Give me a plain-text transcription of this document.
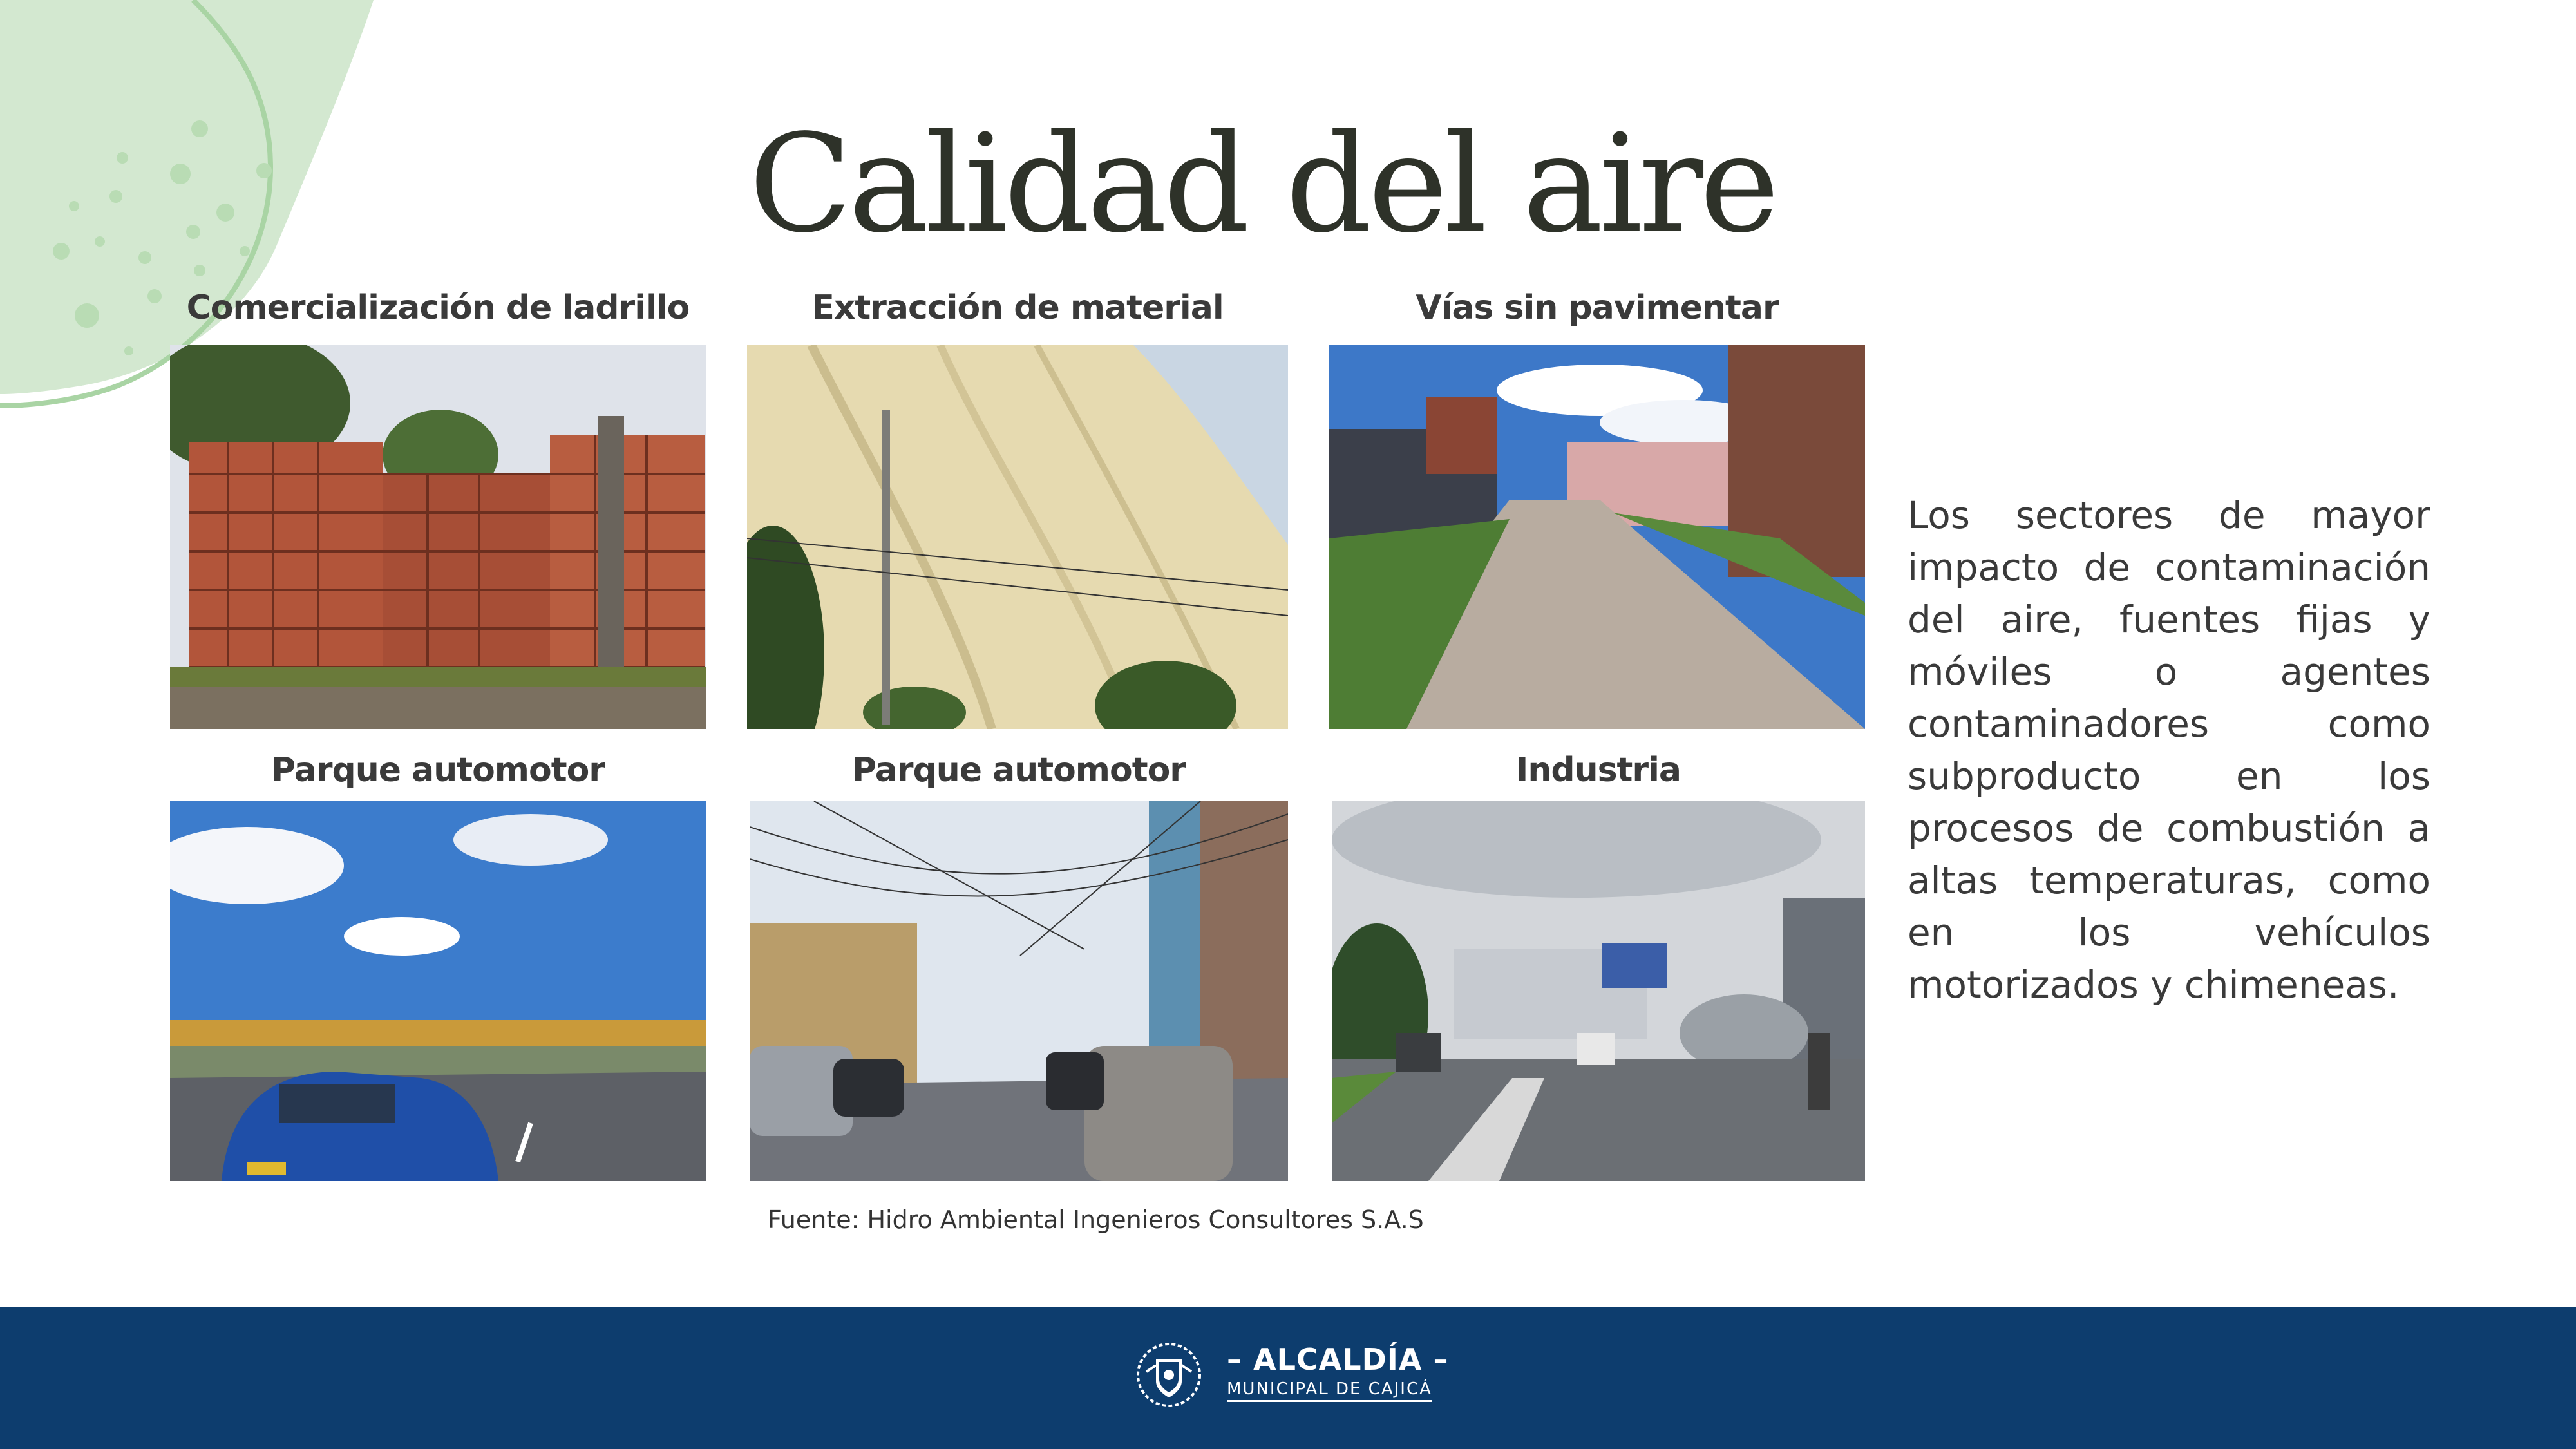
Calidad del aire
Comercialización de ladrillo	Extracción de material	Vías sin pavimentar
Parque automotor	Parque automotor	Industria
Fuente: Hidro Ambiental Ingenieros Consultores S.A.S
Los sectores de mayor impacto de contaminación del aire, fuentes fijas y móviles o agentes contaminadores como subproducto en los procesos de combustión a altas temperaturas, como en los vehículos motorizados y chimeneas.
– ALCALDÍA –
MUNICIPAL DE CAJICÁ
